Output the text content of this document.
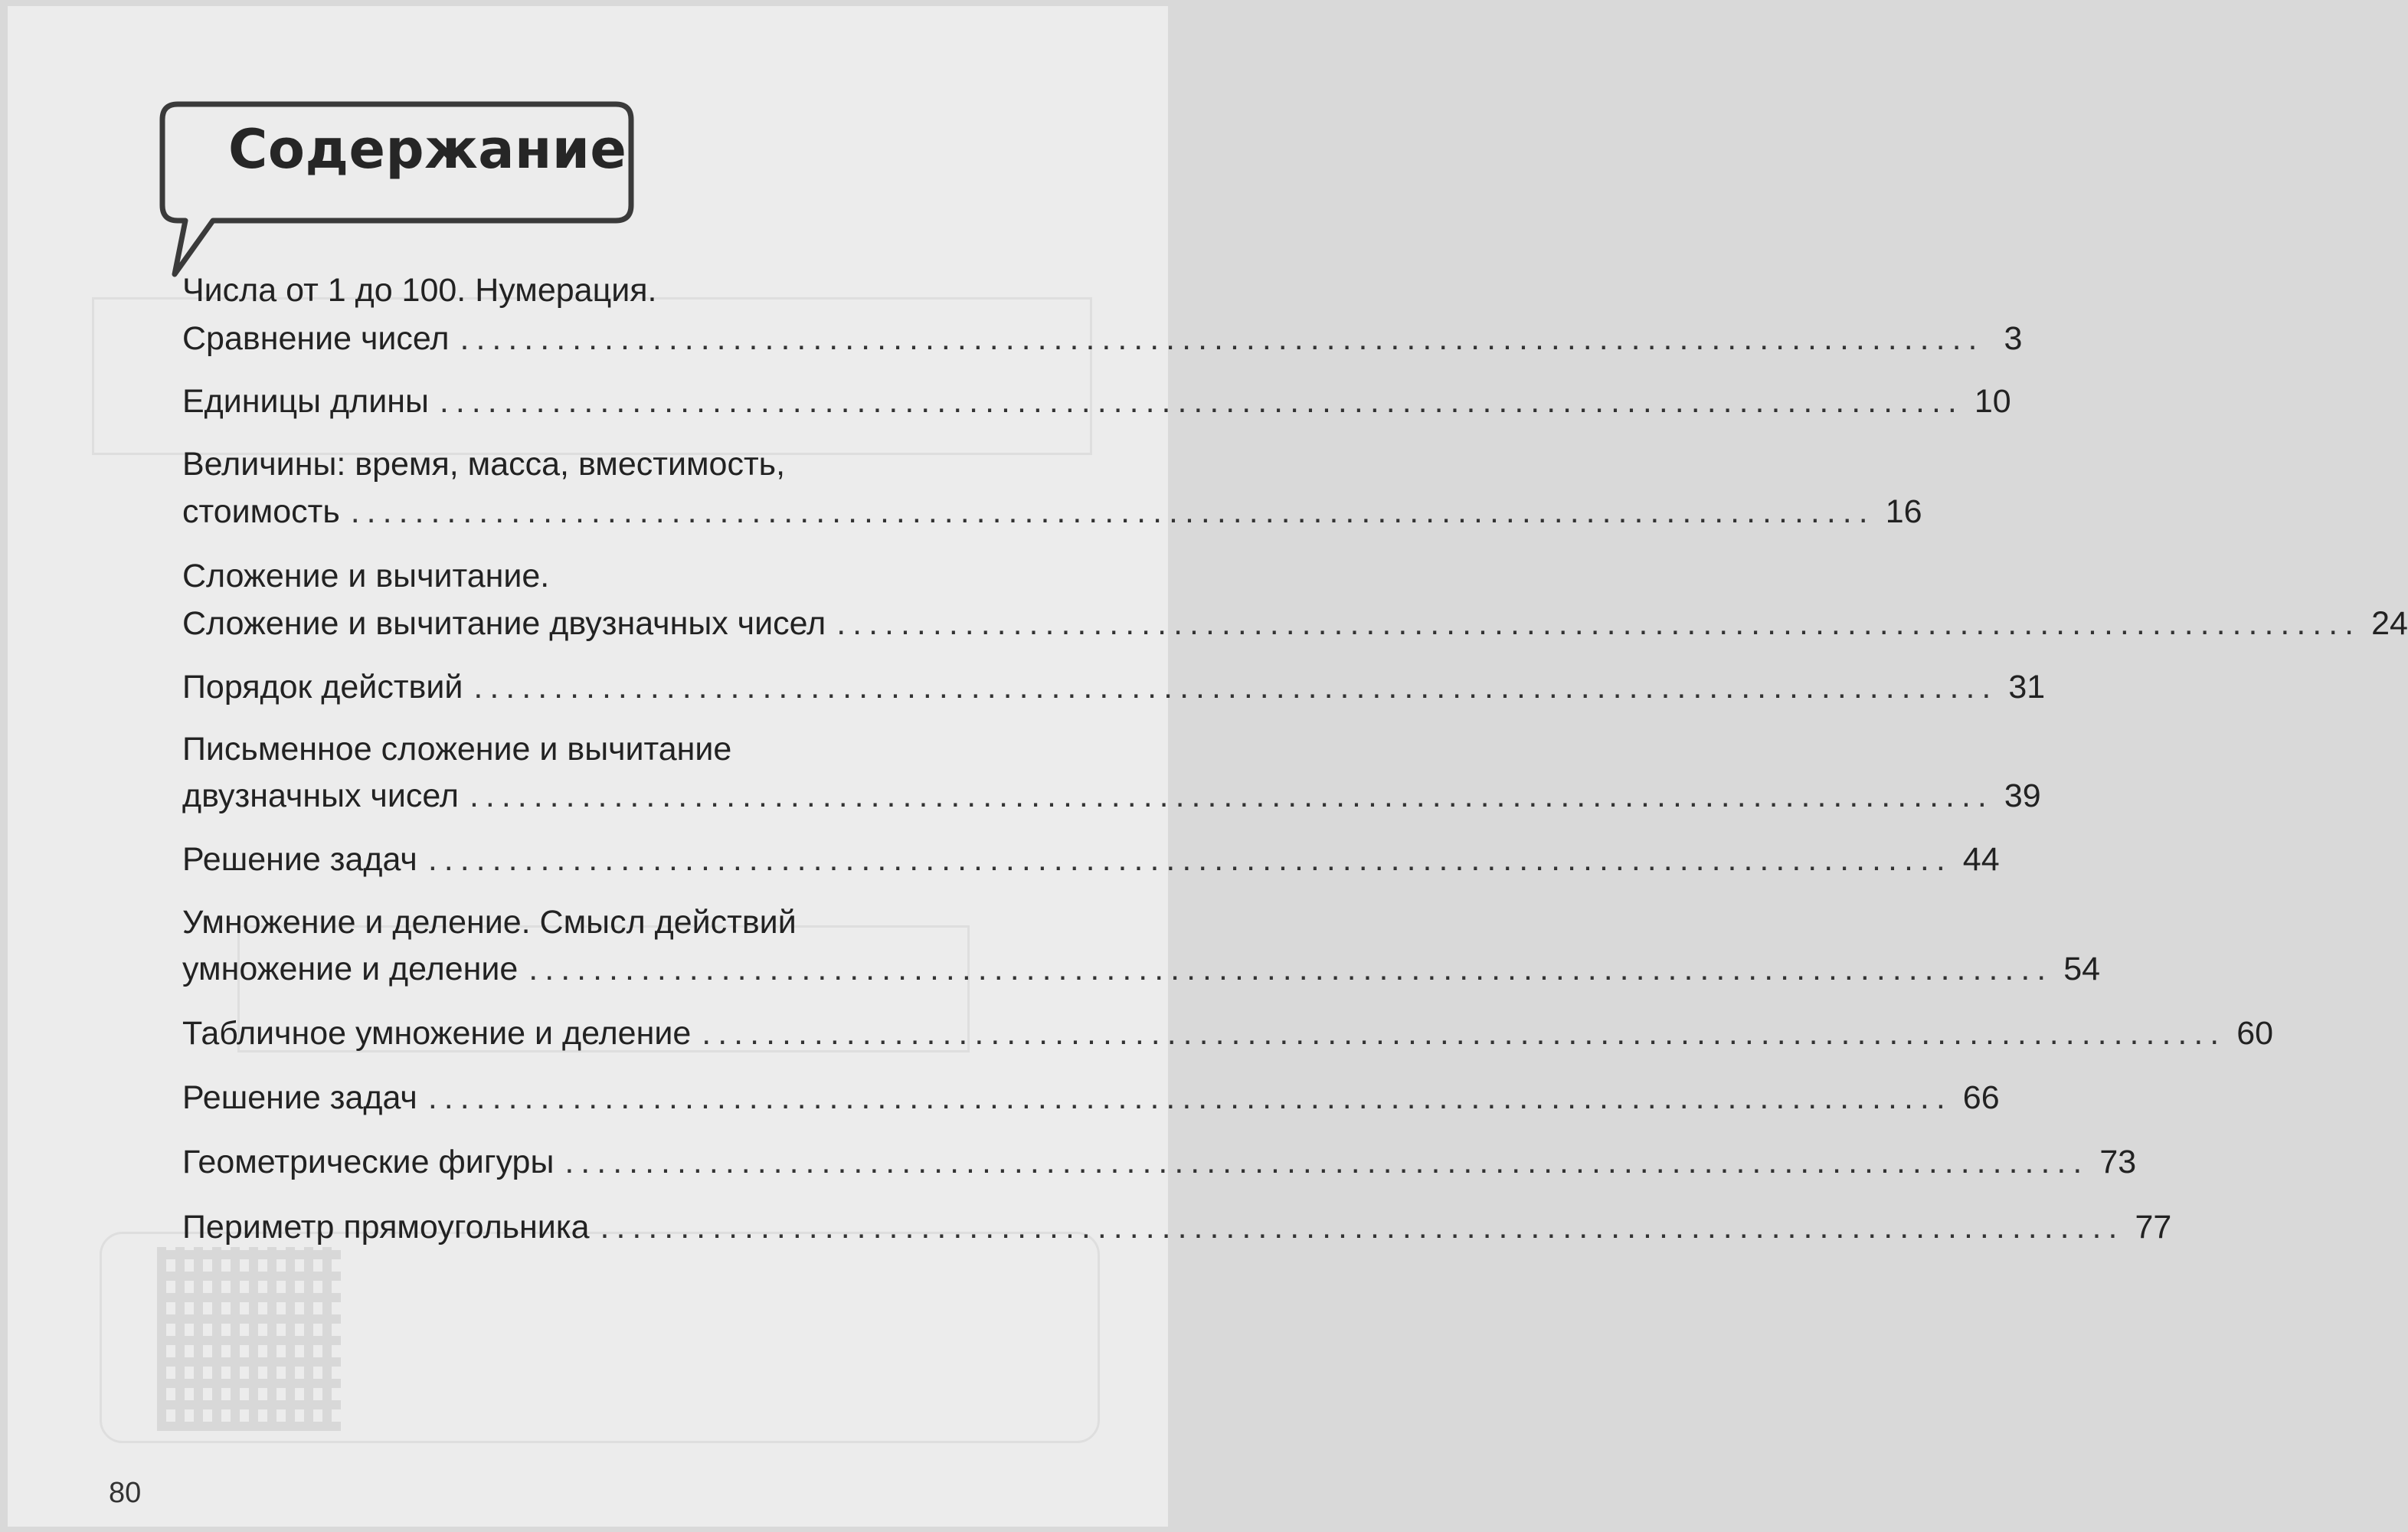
Содержание
Числа от 1 до 100. Нумерация.
Сравнение чисел ............................................................................................... 3
Единицы длины ............................................................................................... 10
Величины: время, масса, вместимость,
стоимость ............................................................................................... 16
Сложение и вычитание.
Сложение и вычитание двузначных чисел ............................................................................................... 24
Порядок действий ............................................................................................... 31
Письменное сложение и вычитание
двузначных чисел ............................................................................................... 39
Решение задач ............................................................................................... 44
Умножение и деление. Смысл действий
умножение и деление ............................................................................................... 54
Табличное умножение и деление ............................................................................................... 60
Решение задач ............................................................................................... 66
Геометрические фигуры ............................................................................................... 73
Периметр прямоугольника ............................................................................................... 77
80
